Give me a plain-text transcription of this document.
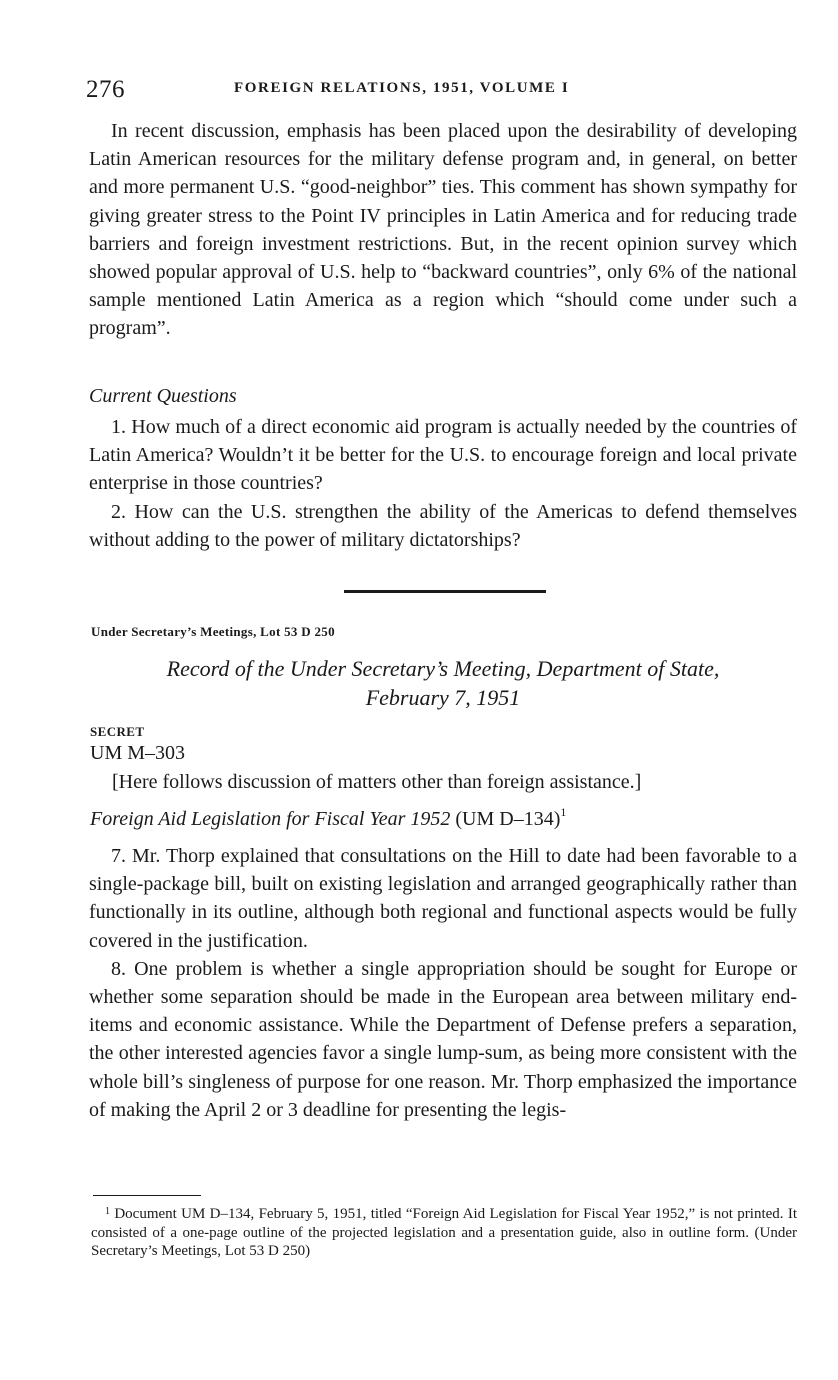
276	FOREIGN RELATIONS, 1951, VOLUME I

In recent discussion, emphasis has been placed upon the desirability of developing Latin American resources for the military defense program and, in general, on better and more permanent U.S. “good-neighbor” ties. This comment has shown sympathy for giving greater stress to the Point IV principles in Latin America and for reducing trade barriers and foreign investment restrictions. But, in the recent opinion survey which showed popular approval of U.S. help to “backward countries”, only 6% of the national sample mentioned Latin America as a region which “should come under such a program”.

Current Questions

1. How much of a direct economic aid program is actually needed by the countries of Latin America? Wouldn’t it be better for the U.S. to encourage foreign and local private enterprise in those countries?

2. How can the U.S. strengthen the ability of the Americas to defend themselves without adding to the power of military dictatorships?

Under Secretary’s Meetings, Lot 53 D 250
Record of the Under Secretary’s Meeting, Department of State,
February 7, 1951
SECRET
UM M–303
[Here follows discussion of matters other than foreign assistance.]
Foreign Aid Legislation for Fiscal Year 1952 (UM D–134)$^1$

7. Mr. Thorp explained that consultations on the Hill to date had been favorable to a single-package bill, built on existing legislation and arranged geographically rather than functionally in its outline, although both regional and functional aspects would be fully covered in the justification.

8. One problem is whether a single appropriation should be sought for Europe or whether some separation should be made in the European area between military end-items and economic assistance. While the Department of Defense prefers a separation, the other interested agencies favor a single lump-sum, as being more consistent with the whole bill’s singleness of purpose for one reason. Mr. Thorp emphasized the importance of making the April 2 or 3 deadline for presenting the legis-

$^1$ Document UM D–134, February 5, 1951, titled “Foreign Aid Legislation for Fiscal Year 1952,” is not printed. It consisted of a one-page outline of the projected legislation and a presentation guide, also in outline form. (Under Secretary’s Meetings, Lot 53 D 250)
